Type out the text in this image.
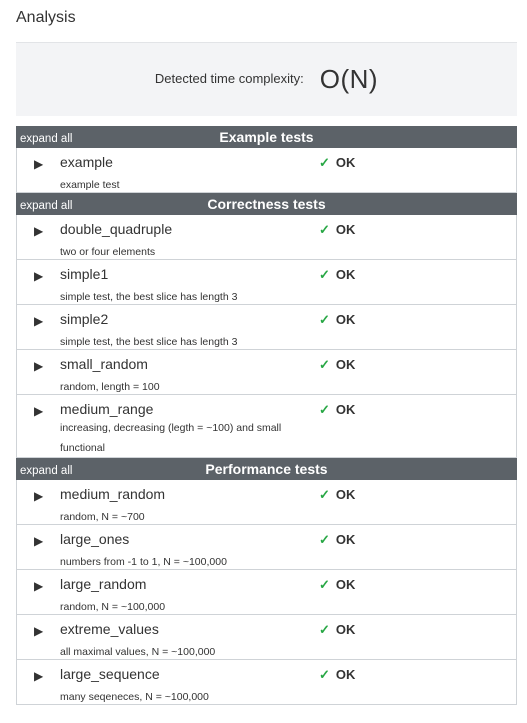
Analysis
Detected time complexity: O(N)
expand all	Example tests
▶ example
example test
✓ OK
expand all	Correctness tests
▶ double_quadruple
two or four elements
✓ OK
▶ simple1
simple test, the best slice has length 3
✓ OK
▶ simple2
simple test, the best slice has length 3
✓ OK
▶ small_random
random, length = 100
✓ OK
▶ medium_range
increasing, decreasing (legth = ~100) and small functional
✓ OK
expand all	Performance tests
▶ medium_random
random, N = ~700
✓ OK
▶ large_ones
numbers from -1 to 1, N = ~100,000
✓ OK
▶ large_random
random, N = ~100,000
✓ OK
▶ extreme_values
all maximal values, N = ~100,000
✓ OK
▶ large_sequence
many seqeneces, N = ~100,000
✓ OK
